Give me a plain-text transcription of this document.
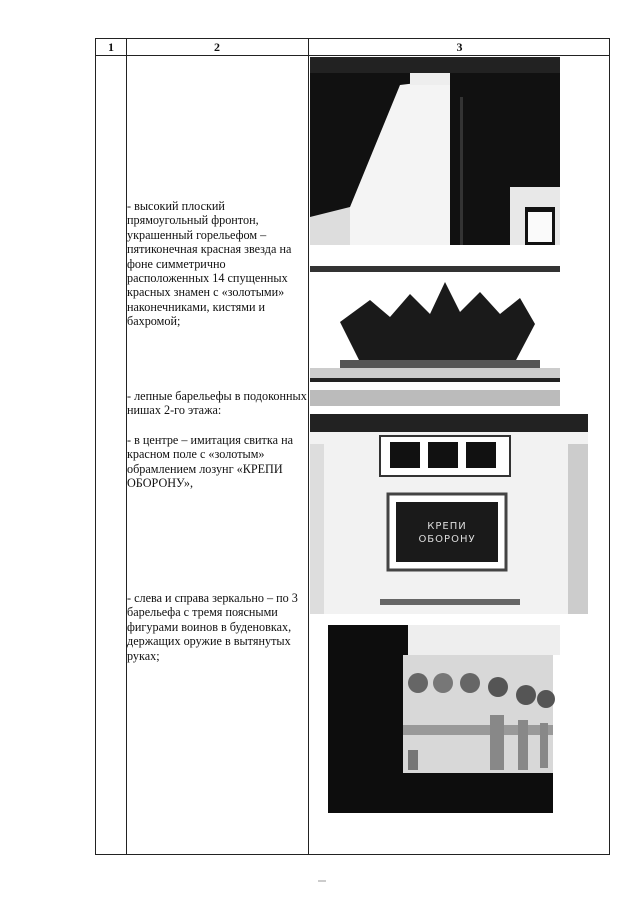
1	2	3

- высокий плоский прямоугольный фронтон, украшенный горельефом – пятиконечная красная звезда на фоне симметрично расположенных 14 спущенных красных знамен с «золотыми» наконечниками, кистями и бахромой;

- лепные барельефы в подоконных нишах 2-го этажа:

- в центре – имитация свитка на красном поле с «золотым» обрамлением лозунг «КРЕПИ ОБОРОНУ»,

- слева и справа зеркально – по 3 барельефа с тремя поясными фигурами воинов в буденовках, держащих оружие в вытянутых руках;

КРЕПИ
ОБОРОНУ
